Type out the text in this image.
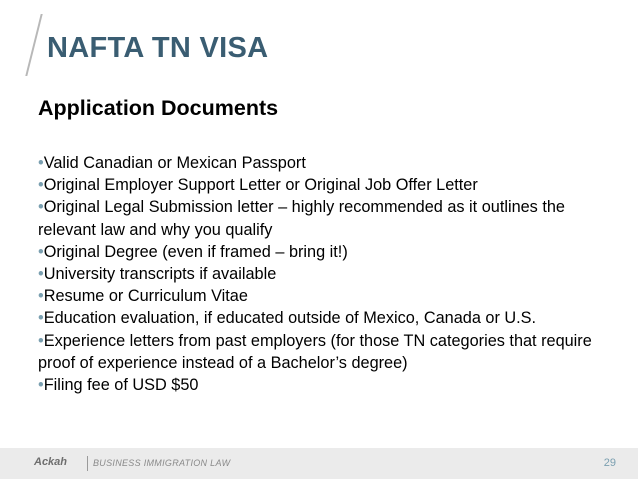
NAFTA TN VISA
Application Documents
•Valid Canadian or Mexican Passport
•Original Employer Support Letter or Original Job Offer Letter
•Original Legal Submission letter – highly recommended as it outlines the relevant law and why you qualify
•Original Degree (even if framed – bring it!)
•University transcripts if available
•Resume or Curriculum Vitae
•Education evaluation, if educated outside of Mexico, Canada or U.S.
•Experience letters from past employers (for those TN categories that require proof of experience instead of a Bachelor’s degree)
•Filing fee of USD $50
Ackah	BUSINESS IMMIGRATION LAW	29
